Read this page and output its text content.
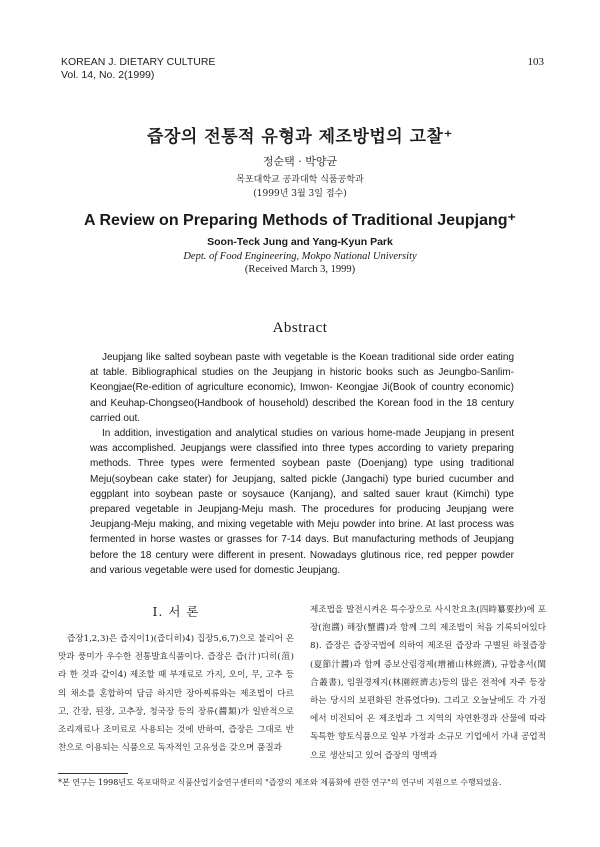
KOREAN J. DIETARY CULTURE
Vol. 14, No. 2(1999)
103
즙장의 전통적 유형과 제조방법의 고찰⁺
정순택 · 박양균
목포대학교 공과대학 식품공학과
(1999년 3월 3일 접수)
A Review on Preparing Methods of Traditional Jeupjang⁺
Soon-Teck Jung and Yang-Kyun Park
Dept. of Food Engineering, Mokpo National University
(Received March 3, 1999)
Abstract

Jeupjang like salted soybean paste with vegetable is the Koean traditional side order eating at table. Bibliographical studies on the Jeupjang in historic books such as Jeungbo-Sanlim-Keongjae(Re-edition of agriculture economic), Imwon- Keongjae Ji(Book of country economic) and Keuhap-Chongseo(Handbook of household) described the Korean food in the 18 century carried out.

In addition, investigation and analytical studies on various home-made Jeupjang in present was accomplished. Jeupjangs were classified into three types according to variety preparing methods. Three types were fermented soybean paste (Doenjang) type using traditional Meju(soybean cake stater) for Jeupjang, salted pickle (Jangachi) type buried cucumber and eggplant into soybean paste or soysauce (Kanjang), and salted sauer kraut (Kimchi) type prepared vegetable in Jeupjang-Meju mash. The procedures for producing Jeupjang were Jeupjang-Meju making, and mixing vegetable with Meju powder into brine. At last process was fermented in horse wastes or grasses for 7-14 days. But manufacturing methods of Jeupjang before the 18 century were different in present. Nowadays glutinous rice, red pepper powder and various vegetable were used for domestic Jeupjang.

I. 서 론

즙장1,2,3)은 즙지이1)(즙디히)4) 집장5,6,7)으로 불리어 온 맛과 풍미가 우수한 전통발효식품이다. 즙장은 즙(汁)디히(菹)라 한 것과 같이4) 제조할 때 부재료로 가지, 오이, 무, 고추 등의 채소를 혼합하여 담금 하지만 장아찌류와는 제조법이 다르고, 간장, 된장, 고추장, 청국장 등의 장류(醬類)가 일반적으로 조리재료나 조미료로 사용되는 것에 반하여, 즙장은 그대로 반찬으로 이용되는 식품으로 독자적인 고유성을 갖으며 품질과

제조법을 발전시켜온 특수장으로 사시찬요초(四時纂要抄)에 포장(泡醬) 해장(蟹醬)과 함께 그의 제조법이 처음 기록되어있다8). 즙장은 즙장국법에 의하여 제조된 즙장과 구별된 하절즙장(夏節汁醬)과 함께 증보산림경제(增補山林經濟), 규합총서(閨合叢書), 임원경제지(林園經濟志)등의 많은 전적에 자주 등장하는 당시의 보편화된 찬류였다9). 그리고 오늘날에도 각 가정에서 비전되어 온 제조법과 그 지역의 자연환경과 산물에 따라 독특한 향토식품으로 일부 가정과 소규모 기업에서 가내 공업적으로 생산되고 있어 즙장의 명맥과

*본 연구는 1998년도 목포대학교 식품산업기술연구센터의 "즙장의 제조와 제품화에 관한 연구"의 연구비 지원으로 수행되었음.
